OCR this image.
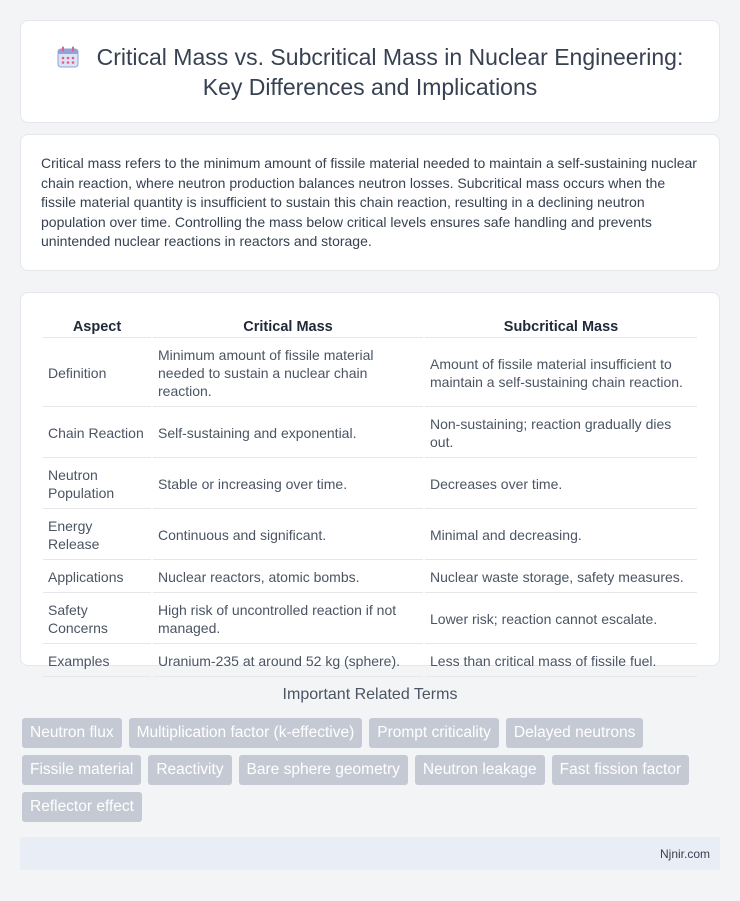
Critical Mass vs. Subcritical Mass in Nuclear Engineering: Key Differences and Implications

Critical mass refers to the minimum amount of fissile material needed to maintain a self-sustaining nuclear chain reaction, where neutron production balances neutron losses. Subcritical mass occurs when the fissile material quantity is insufficient to sustain this chain reaction, resulting in a declining neutron population over time. Controlling the mass below critical levels ensures safe handling and prevents unintended nuclear reactions in reactors and storage.

Aspect	Critical Mass	Subcritical Mass
Definition	Minimum amount of fissile material needed to sustain a nuclear chain reaction.	Amount of fissile material insufficient to maintain a self-sustaining chain reaction.
Chain Reaction	Self-sustaining and exponential.	Non-sustaining; reaction gradually dies out.
Neutron Population	Stable or increasing over time.	Decreases over time.
Energy Release	Continuous and significant.	Minimal and decreasing.
Applications	Nuclear reactors, atomic bombs.	Nuclear waste storage, safety measures.
Safety Concerns	High risk of uncontrolled reaction if not managed.	Lower risk; reaction cannot escalate.
Examples	Uranium-235 at around 52 kg (sphere).	Less than critical mass of fissile fuel.
Important Related Terms
Neutron flux	Multiplication factor (k-effective)	Prompt criticality	Delayed neutrons
Fissile material	Reactivity	Bare sphere geometry	Neutron leakage	Fast fission factor
Reflector effect
Njnir.com
